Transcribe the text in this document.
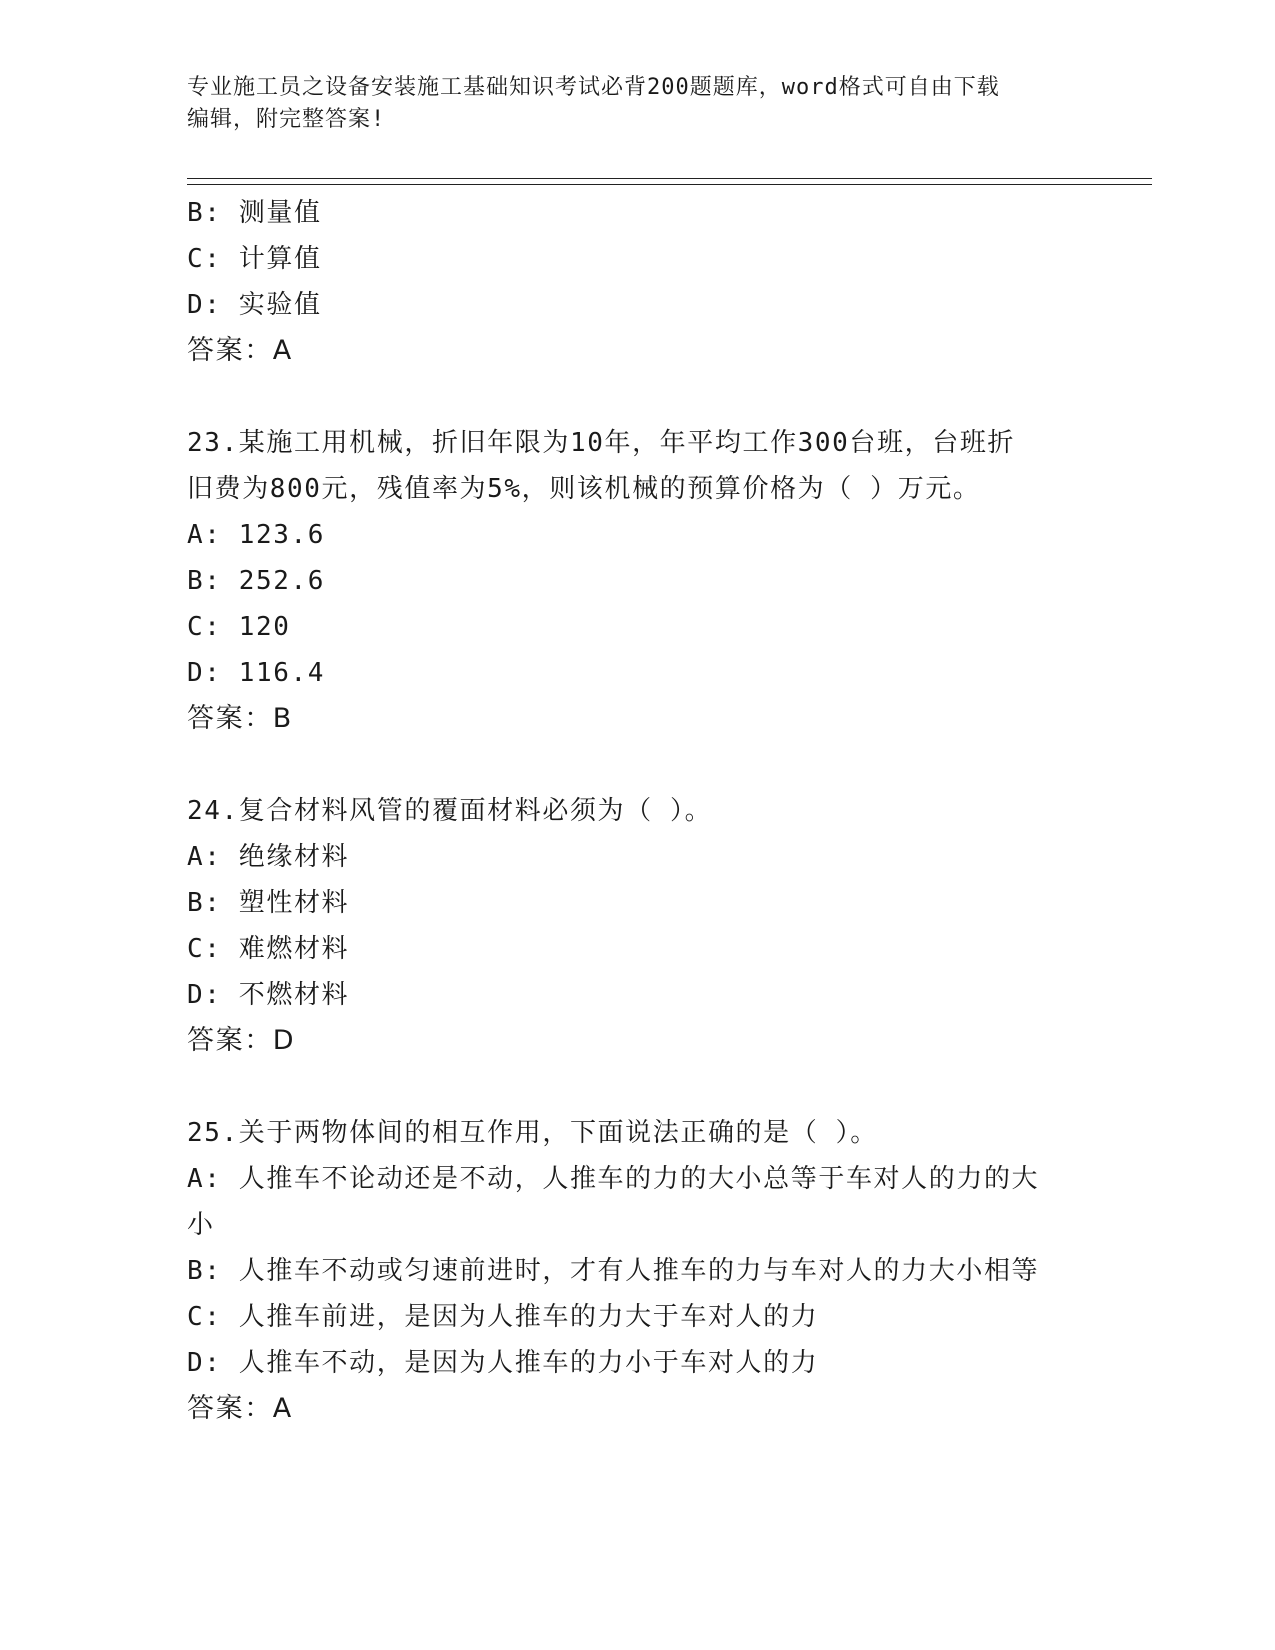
专业施工员之设备安装施工基础知识考试必背200题题库，word格式可自由下载
编辑，附完整答案!
B: 测量值
C: 计算值
D: 实验值
答案：A
23.某施工用机械，折旧年限为10年，年平均工作300台班，台班折
旧费为800元，残值率为5%，则该机械的预算价格为（ ）万元。
A: 123.6
B: 252.6
C: 120
D: 116.4
答案：B
24.复合材料风管的覆面材料必须为（ ）。
A: 绝缘材料
B: 塑性材料
C: 难燃材料
D: 不燃材料
答案：D
25.关于两物体间的相互作用，下面说法正确的是（ ）。
A: 人推车不论动还是不动，人推车的力的大小总等于车对人的力的大
小
B: 人推车不动或匀速前进时，才有人推车的力与车对人的力大小相等
C: 人推车前进，是因为人推车的力大于车对人的力
D: 人推车不动，是因为人推车的力小于车对人的力
答案：A
